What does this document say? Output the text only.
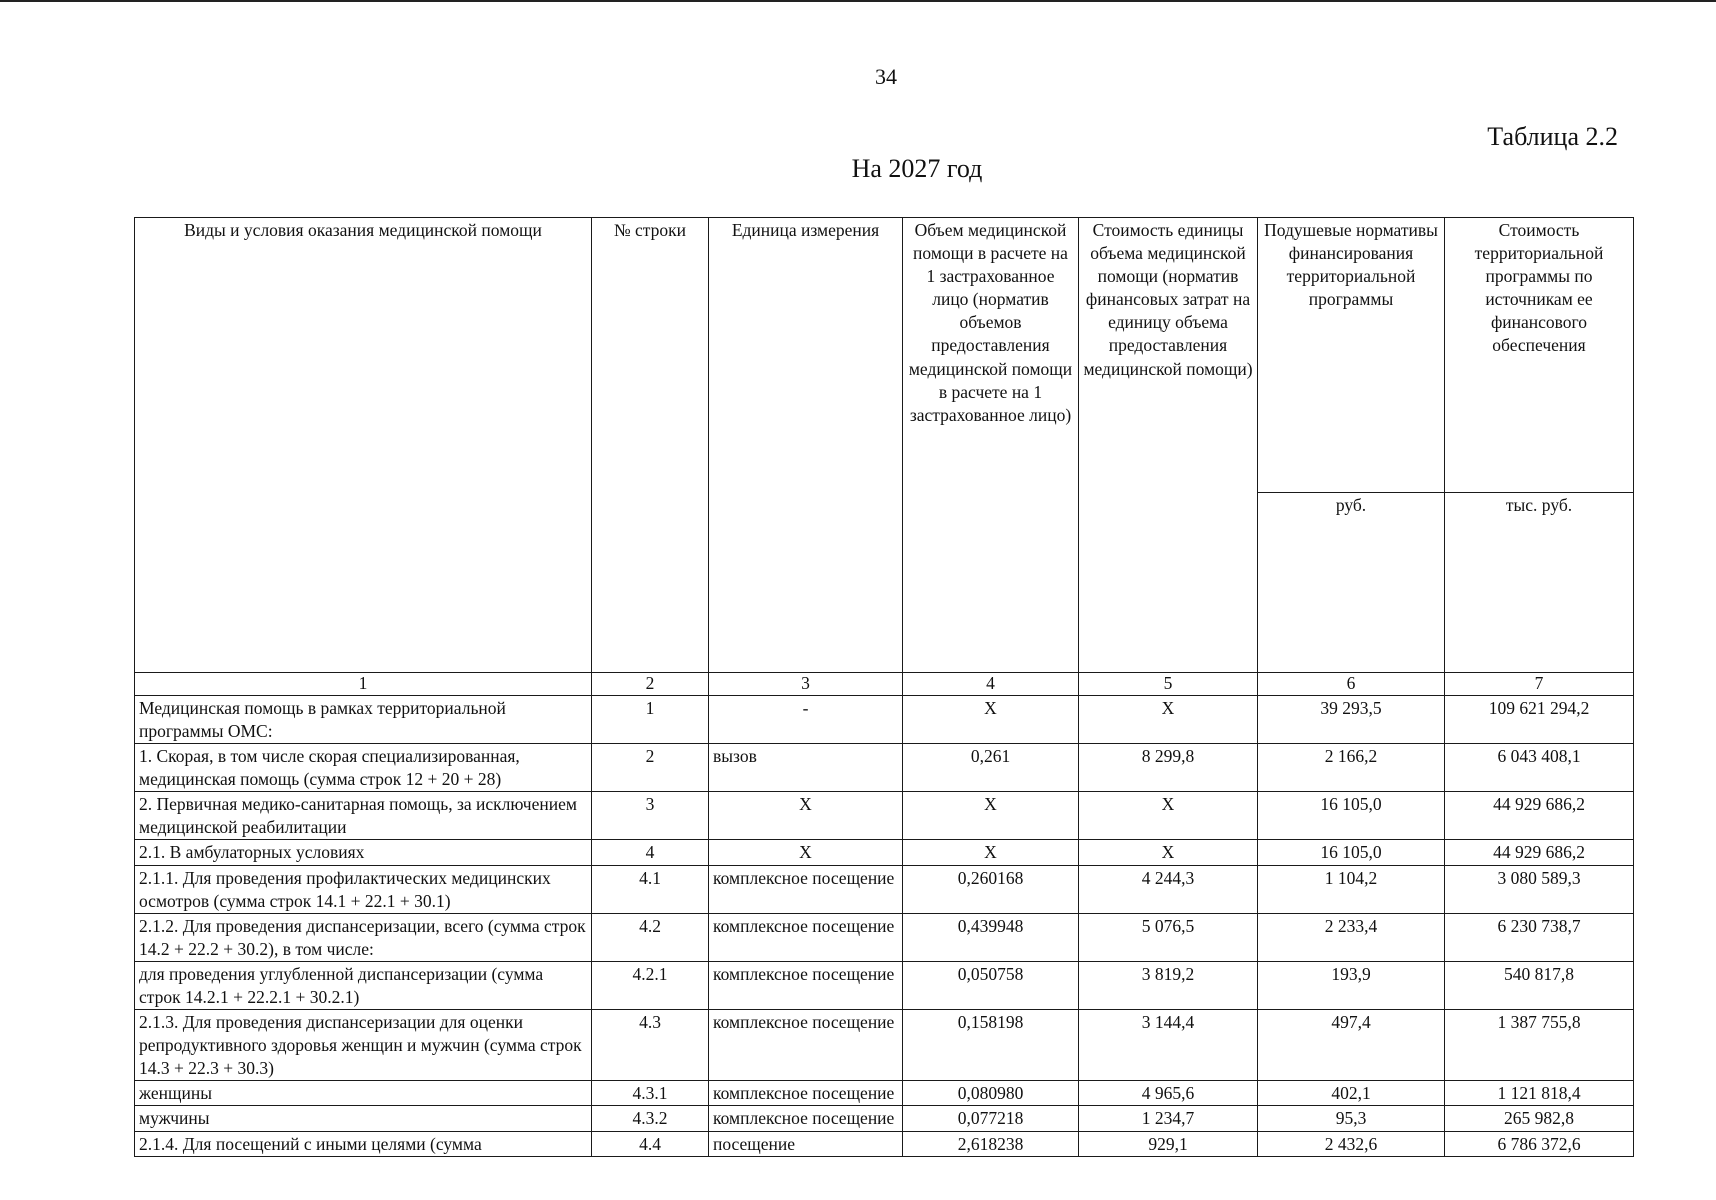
34
Таблица 2.2
На 2027 год
Виды и условия оказания медицинской помощи	№ строки	Единица измерения	Объем медицинской помощи в расчете на 1 застрахованное лицо (норматив объемов предоставления медицинской помощи в расчете на 1 застрахованное лицо)	Стоимость единицы объема медицинской помощи (норматив финансовых затрат на единицу объема предоставления медицинской помощи)	Подушевые нормативы финансирования территориальной программы	Стоимость территориальной программы по источникам ее финансового обеспечения
					руб.	тыс. руб.
1	2	3	4	5	6	7
Медицинская помощь в рамках территориальной программы ОМС:	1	-	Х	Х	39 293,5	109 621 294,2
1. Скорая, в том числе скорая специализированная, медицинская помощь (сумма строк 12 + 20 + 28)	2	вызов	0,261	8 299,8	2 166,2	6 043 408,1
2. Первичная медико-санитарная помощь, за исключением медицинской реабилитации	3	Х	Х	Х	16 105,0	44 929 686,2
2.1. В амбулаторных условиях	4	Х	Х	Х	16 105,0	44 929 686,2
2.1.1. Для проведения профилактических медицинских осмотров (сумма строк 14.1 + 22.1 + 30.1)	4.1	комплексное посещение	0,260168	4 244,3	1 104,2	3 080 589,3
2.1.2. Для проведения диспансеризации, всего (сумма строк 14.2 + 22.2 + 30.2), в том числе:	4.2	комплексное посещение	0,439948	5 076,5	2 233,4	6 230 738,7
для проведения углубленной диспансеризации (сумма строк 14.2.1 + 22.2.1 + 30.2.1)	4.2.1	комплексное посещение	0,050758	3 819,2	193,9	540 817,8
2.1.3. Для проведения диспансеризации для оценки репродуктивного здоровья женщин и мужчин (сумма строк 14.3 + 22.3 + 30.3)	4.3	комплексное посещение	0,158198	3 144,4	497,4	1 387 755,8
женщины	4.3.1	комплексное посещение	0,080980	4 965,6	402,1	1 121 818,4
мужчины	4.3.2	комплексное посещение	0,077218	1 234,7	95,3	265 982,8
2.1.4. Для посещений с иными целями (сумма	4.4	посещение	2,618238	929,1	2 432,6	6 786 372,6
